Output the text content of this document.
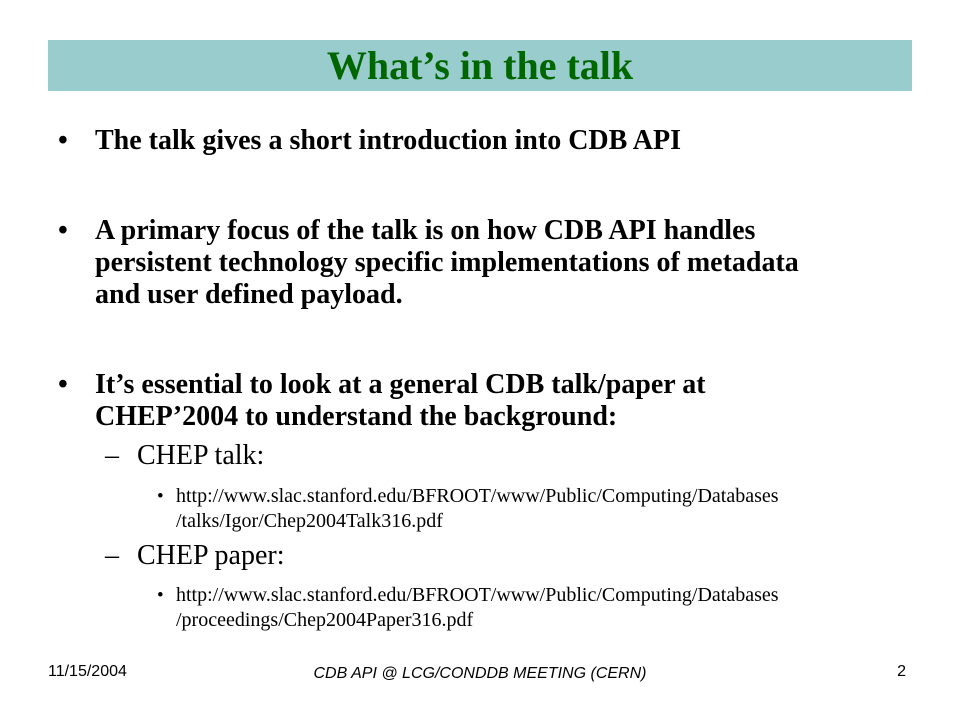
What’s in the talk
• The talk gives a short introduction into CDB API
• A primary focus of the talk is on how CDB API handles
persistent technology specific implementations of metadata
and user defined payload.
• It’s essential to look at a general CDB talk/paper at
CHEP’2004 to understand the background:
– CHEP talk:
• http://www.slac.stanford.edu/BFROOT/www/Public/Computing/Databases
/talks/Igor/Chep2004Talk316.pdf
– CHEP paper:
• http://www.slac.stanford.edu/BFROOT/www/Public/Computing/Databases
/proceedings/Chep2004Paper316.pdf
11/15/2004	CDB API @ LCG/CONDDB MEETING (CERN)	2
